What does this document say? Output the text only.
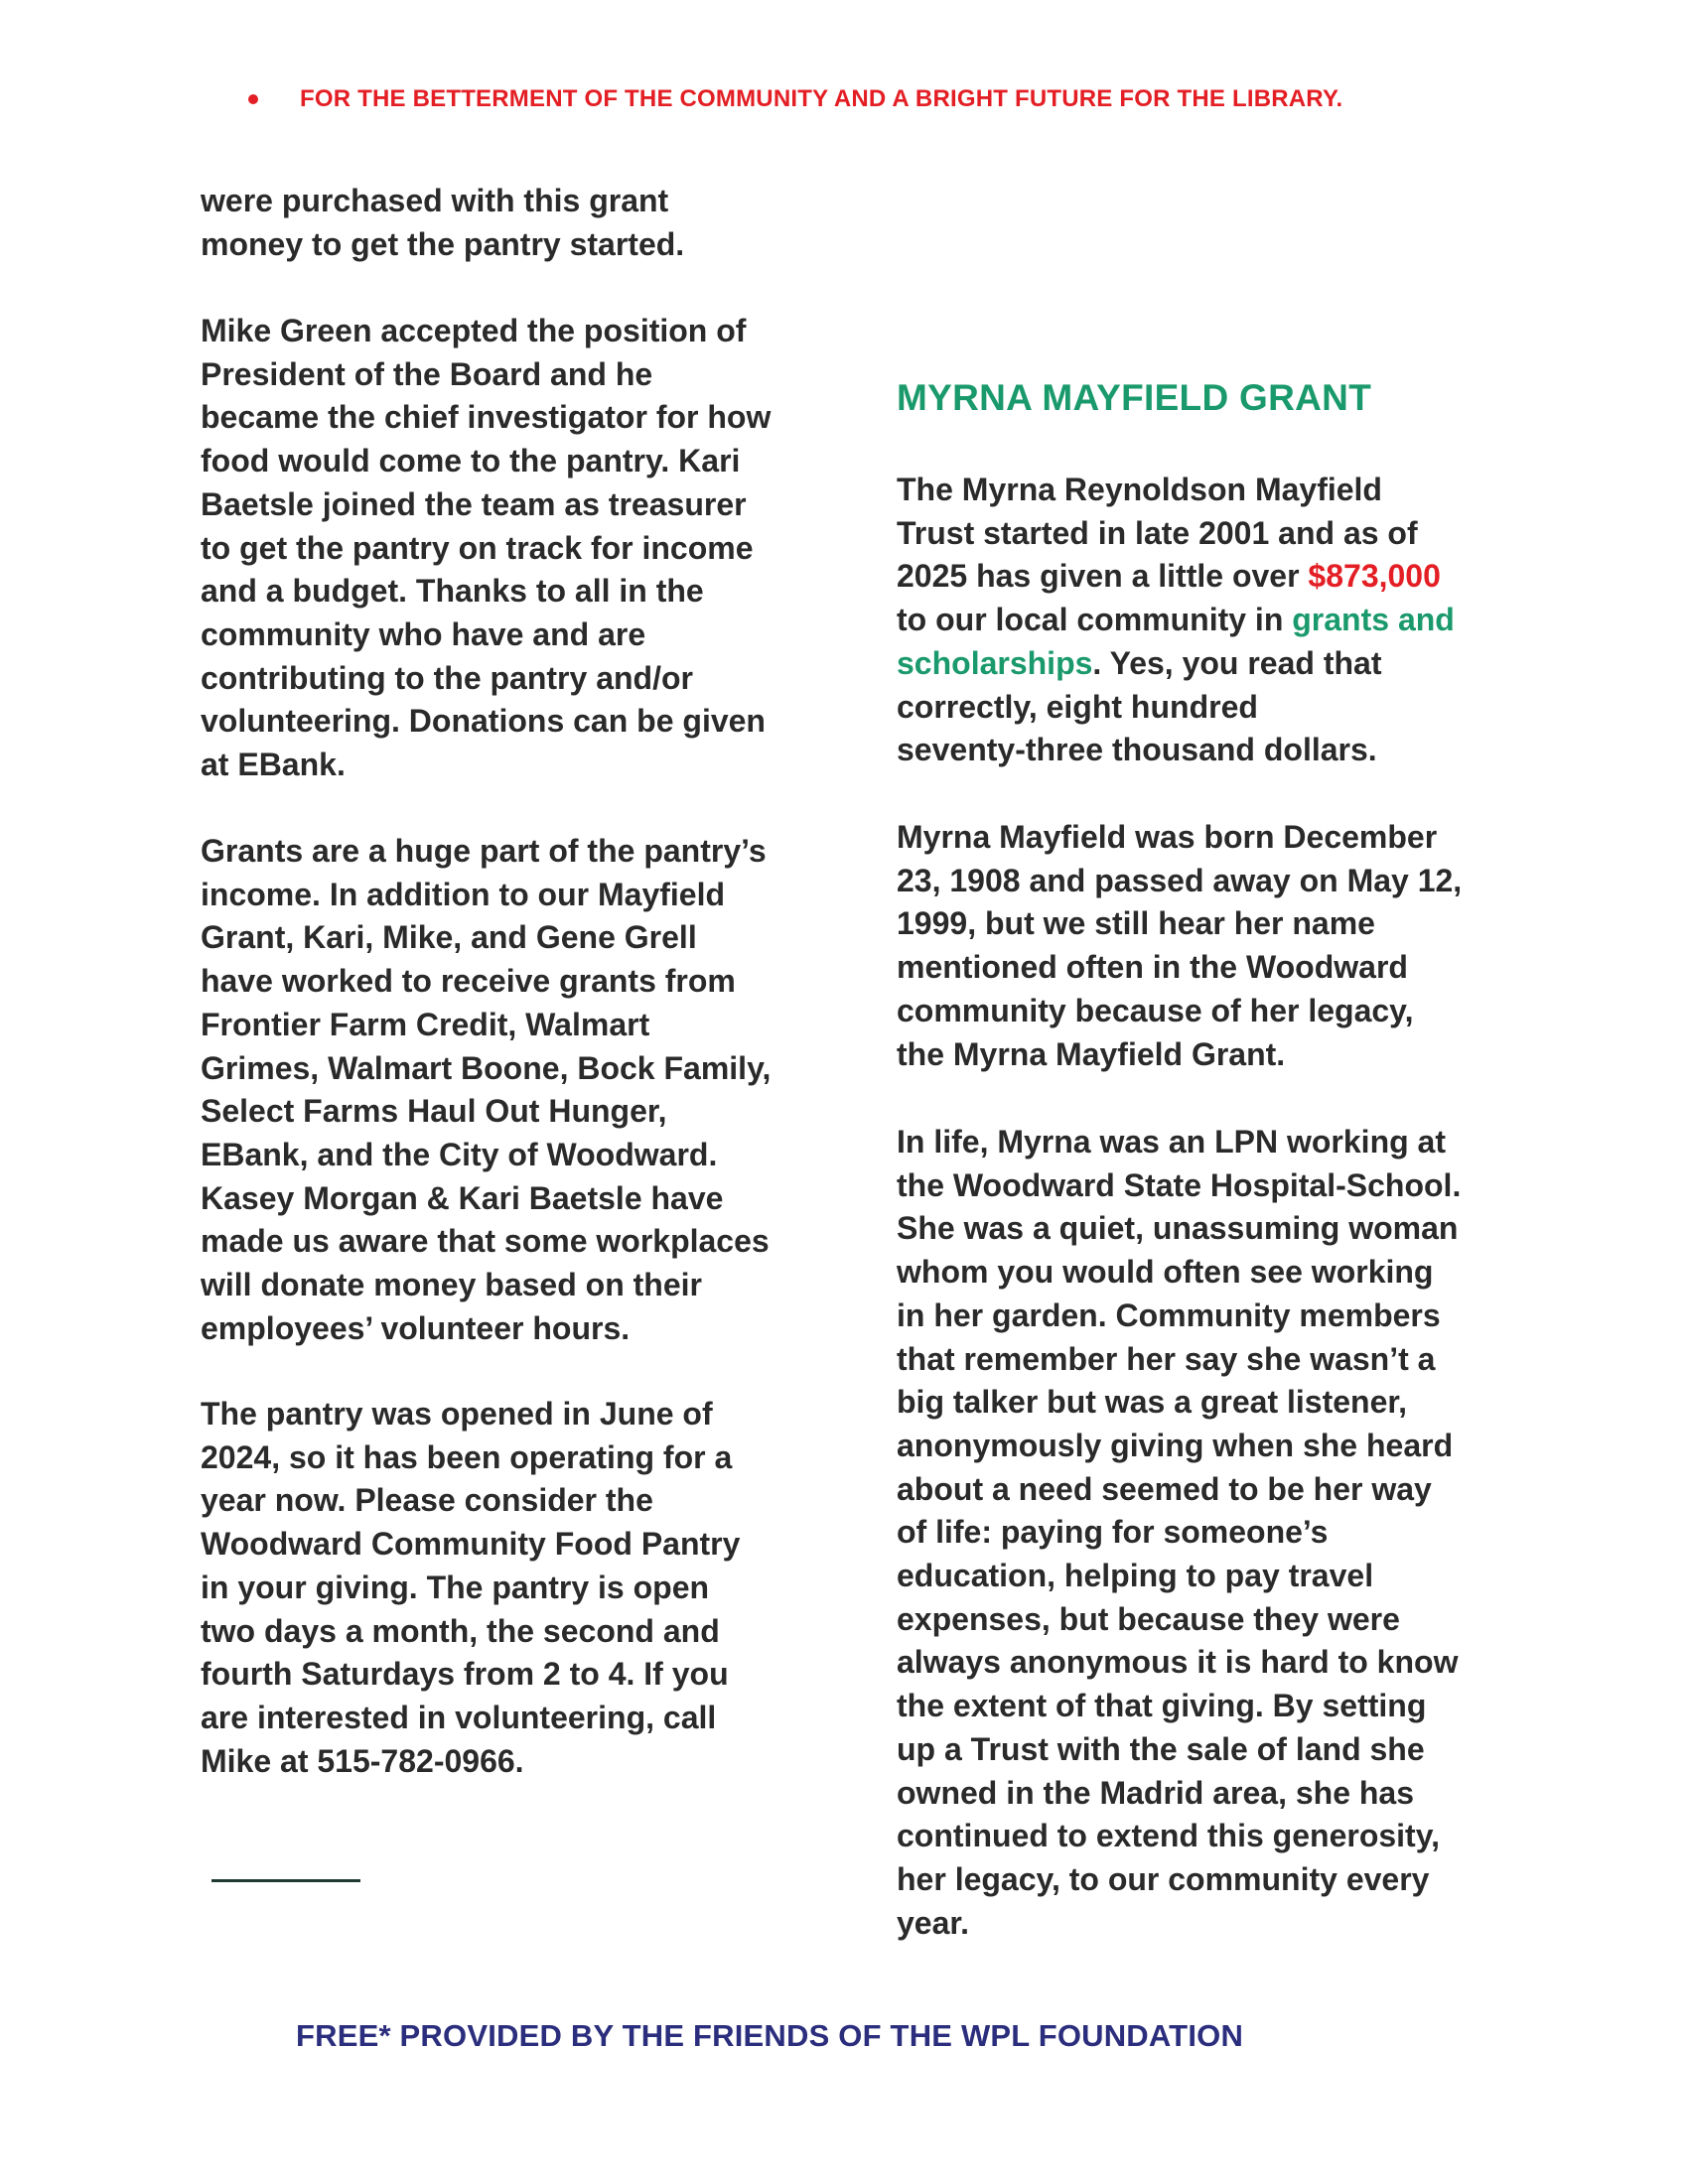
FOR THE BETTERMENT OF THE COMMUNITY AND A BRIGHT FUTURE FOR THE LIBRARY.

were purchased with this grant
money to get the pantry started.

Mike Green accepted the position of
President of the Board and he
became the chief investigator for how
food would come to the pantry. Kari
Baetsle joined the team as treasurer
to get the pantry on track for income
and a budget. Thanks to all in the
community who have and are
contributing to the pantry and/or
volunteering. Donations can be given
at EBank.

Grants are a huge part of the pantry’s
income. In addition to our Mayfield
Grant, Kari, Mike, and Gene Grell
have worked to receive grants from
Frontier Farm Credit, Walmart
Grimes, Walmart Boone, Bock Family,
Select Farms Haul Out Hunger,
EBank, and the City of Woodward.
Kasey Morgan & Kari Baetsle have
made us aware that some workplaces
will donate money based on their
employees’ volunteer hours.

The pantry was opened in June of
2024, so it has been operating for a
year now. Please consider the
Woodward Community Food Pantry
in your giving. The pantry is open
two days a month, the second and
fourth Saturdays from 2 to 4. If you
are interested in volunteering, call
Mike at 515-782-0966.

MYRNA MAYFIELD GRANT

The Myrna Reynoldson Mayfield
Trust started in late 2001 and as of
2025 has given a little over $873,000
to our local community in grants and
scholarships. Yes, you read that
correctly, eight hundred
seventy-three thousand dollars.

Myrna Mayfield was born December
23, 1908 and passed away on May 12,
1999, but we still hear her name
mentioned often in the Woodward
community because of her legacy,
the Myrna Mayfield Grant.

In life, Myrna was an LPN working at
the Woodward State Hospital-School.
She was a quiet, unassuming woman
whom you would often see working
in her garden. Community members
that remember her say she wasn’t a
big talker but was a great listener,
anonymously giving when she heard
about a need seemed to be her way
of life: paying for someone’s
education, helping to pay travel
expenses, but because they were
always anonymous it is hard to know
the extent of that giving. By setting
up a Trust with the sale of land she
owned in the Madrid area, she has
continued to extend this generosity,
her legacy, to our community every
year.

FREE* PROVIDED BY THE FRIENDS OF THE WPL FOUNDATION
